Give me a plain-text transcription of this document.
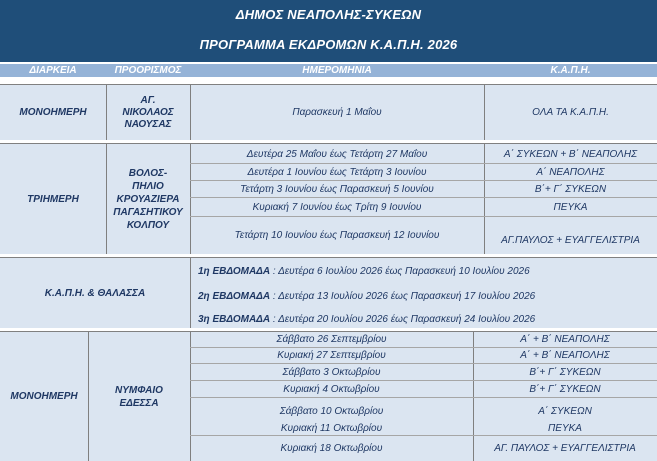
ΔΗΜΟΣ ΝΕΑΠΟΛΗΣ-ΣΥΚΕΩΝ
ΠΡΟΓΡΑΜΜΑ ΕΚΔΡΟΜΩΝ Κ.Α.Π.Η. 2026
ΔΙΑΡΚΕΙΑ	ΠΡΟΟΡΙΣΜΟΣ	ΗΜΕΡΟΜΗΝΙΑ	Κ.Α.Π.Η.
ΜΟΝΟΗΜΕΡΗ
ΑΓ.
ΝΙΚΟΛΑΟΣ
ΝΑΟΥΣΑΣ
Παρασκευή 1 Μαΐου	ΟΛΑ ΤΑ Κ.Α.Π.Η.
ΤΡΙΗΜΕΡΗ
ΒΟΛΟΣ-
ΠΗΛΙΟ
ΚΡΟΥΑΖΙΕΡΑ
ΠΑΓΑΣΗΤΙΚΟΥ
ΚΟΛΠΟΥ
Δευτέρα 25 Μαΐου έως Τετάρτη 27 Μαΐου	Α΄ ΣΥΚΕΩΝ + Β΄ ΝΕΑΠΟΛΗΣ
Δευτέρα 1 Ιουνίου έως Τετάρτη 3 Ιουνίου	Α΄ ΝΕΑΠΟΛΗΣ
Τετάρτη 3 Ιουνίου έως Παρασκευή 5 Ιουνίου	Β΄+ Γ΄ ΣΥΚΕΩΝ
Κυριακή 7 Ιουνίου έως Τρίτη 9 Ιουνίου	ΠΕΥΚΑ
Τετάρτη 10 Ιουνίου έως Παρασκευή 12 Ιουνίου	ΑΓ.ΠΑΥΛΟΣ + ΕΥΑΓΓΕΛΙΣΤΡΙΑ
Κ.Α.Π.Η. & ΘΑΛΑΣΣΑ
1η ΕΒΔΟΜΑΔΑ : Δευτέρα 6 Ιουλίου 2026 έως Παρασκευή 10 Ιουλίου 2026
2η ΕΒΔΟΜΑΔΑ : Δευτέρα 13 Ιουλίου 2026 έως Παρασκευή 17 Ιουλίου 2026
3η ΕΒΔΟΜΑΔΑ : Δευτέρα 20 Ιουλίου 2026 έως Παρασκευή 24 Ιουλίου 2026
ΜΟΝΟΗΜΕΡΗ
ΝΥΜΦΑΙΟ
ΕΔΕΣΣΑ
Σάββατο 26 Σεπτεμβρίου	Α΄ + Β΄ ΝΕΑΠΟΛΗΣ
Κυριακή 27 Σεπτεμβρίου	Α΄ + Β΄ ΝΕΑΠΟΛΗΣ
Σάββατο 3 Οκτωβρίου	Β΄+ Γ΄ ΣΥΚΕΩΝ
Κυριακή 4 Οκτωβρίου	Β΄+ Γ΄ ΣΥΚΕΩΝ
Σάββατο 10 Οκτωβρίου	Α΄ ΣΥΚΕΩΝ
Κυριακή 11 Οκτωβρίου	ΠΕΥΚΑ
Κυριακή 18 Οκτωβρίου	ΑΓ. ΠΑΥΛΟΣ + ΕΥΑΓΓΕΛΙΣΤΡΙΑ
